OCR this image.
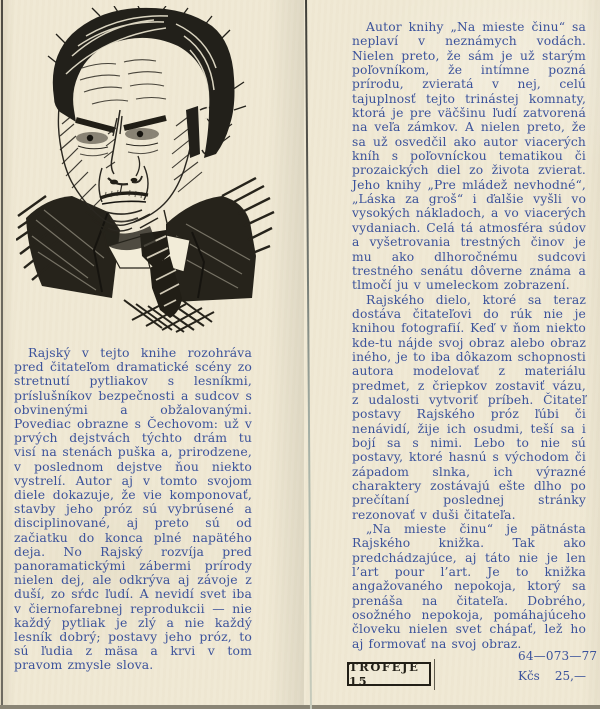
Rajský v tejto knihe rozohráva pred čitateľom dramatické scény zo stretnutí pytliakov s lesníkmi, príslušníkov bezpečnosti a sudcov s obvinenými a obžalovanými. Povediac obrazne s Čechovom: už v prvých dejstvách týchto drám tu visí na stenách puška a, prirodzene, v poslednom dejstve ňou niekto vystrelí. Autor aj v tomto svojom diele dokazuje, že vie komponovať, stavby jeho próz sú vybrúsené a disciplinované, aj preto sú od začiatku do konca plné napätého deja. No Rajský rozvíja pred panoramatickými zábermi prírody nielen dej, ale odkrýva aj závoje z duší, zo sŕdc ľudí. A nevidí svet iba v čiernofarebnej reprodukcii — nie každý pytliak je zlý a nie každý lesník dobrý; postavy jeho próz, to sú ľudia z mäsa a krvi v tom pravom zmysle slova.

Autor knihy „Na mieste činu“ sa neplaví v neznámych vodách. Nielen preto, že sám je už starým poľovníkom, že intímne pozná prírodu, zvieratá v nej, celú tajuplnosť tejto trinástej komnaty, ktorá je pre väčšinu ľudí zatvorená na veľa zámkov. A nielen preto, že sa už osvedčil ako autor viacerých kníh s poľovníckou tematikou či prozaických diel zo života zvierat. Jeho knihy „Pre mládež nevhodné“, „Láska za groš“ i ďalšie vyšli vo vysokých nákladoch, a vo viacerých vydaniach. Celá tá atmosféra súdov a vyšetrovania trestných činov je mu ako dlhoročnému sudcovi trestného senátu dôverne známa a tlmočí ju v umeleckom zobrazení.

Rajského dielo, ktoré sa teraz dostáva čitateľovi do rúk nie je knihou fotografií. Keď v ňom niekto kde-tu nájde svoj obraz alebo obraz iného, je to iba dôkazom schopnosti autora modelovať z materiálu predmet, z čriepkov zostaviť vázu, z udalosti vytvoriť príbeh. Čitateľ postavy Rajského próz ľúbi či nenávidí, žije ich osudmi, teší sa i bojí sa s nimi. Lebo to nie sú postavy, ktoré hasnú s východom či západom slnka, ich výrazné charaktery zostávajú ešte dlho po prečítaní poslednej stránky rezonovať v duši čitateľa.

„Na mieste činu“ je pätnásta Rajského knižka. Tak ako predchádzajúce, aj táto nie je len l’art pour l’art. Je to knižka angažovaného nepokoja, ktorý sa prenáša na čitateľa. Dobrého, osožného nepokoja, pomáhajúceho človeku nielen svet chápať, lež ho aj formovať na svoj obraz.

TROFEJE 15
64—073—77
Kčs 25,—
